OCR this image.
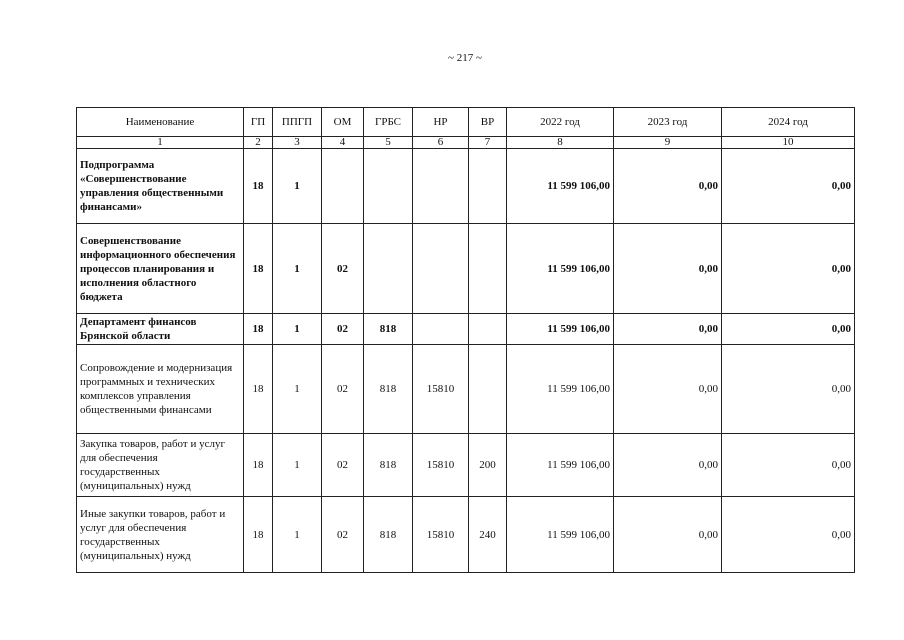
~ 217 ~
Наименование	ГП	ППГП	ОМ	ГРБС	НР	ВР	2022 год	2023 год	2024 год
1	2	3	4	5	6	7	8	9	10
Подпрограмма «Совершенствование управления общественными финансами»	18	1					11 599 106,00	0,00	0,00
Совершенствование информационного обеспечения процессов планирования и исполнения областного бюджета	18	1	02				11 599 106,00	0,00	0,00
Департамент финансов Брянской области	18	1	02	818			11 599 106,00	0,00	0,00
Сопровождение и модернизация программных и технических комплексов управления общественными финансами	18	1	02	818	15810		11 599 106,00	0,00	0,00
Закупка товаров, работ и услуг для обеспечения государственных (муниципальных) нужд	18	1	02	818	15810	200	11 599 106,00	0,00	0,00
Иные закупки товаров, работ и услуг для обеспечения государственных (муниципальных) нужд	18	1	02	818	15810	240	11 599 106,00	0,00	0,00
